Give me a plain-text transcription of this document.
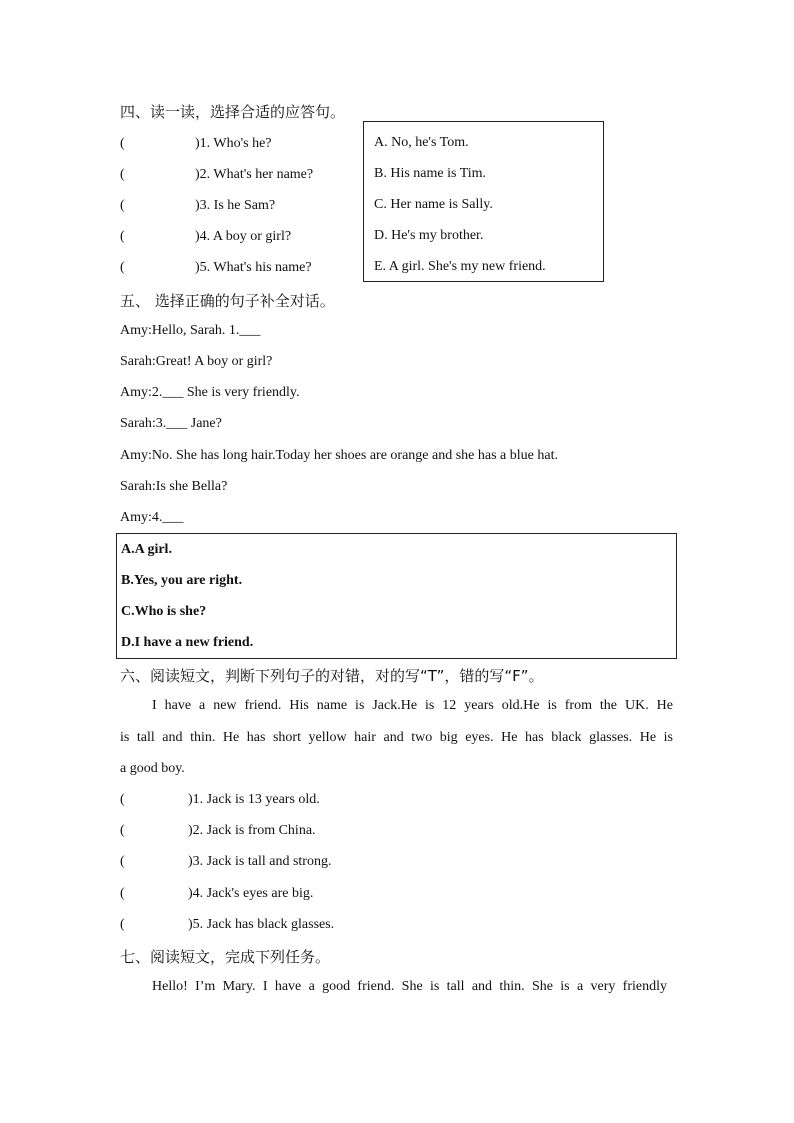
四、读一读，选择合适的应答句。
(	)1. Who's he?
(	)2. What's her name?
(	)3. Is he Sam?
(	)4. A boy or girl?
(	)5. What's his name?
A. No, he's Tom.
B. His name is Tim.
C. Her name is Sally.
D. He's my brother.
E. A girl. She's my new friend.
五、 选择正确的句子补全对话。
Amy:Hello, Sarah. 1.___
Sarah:Great! A boy or girl?
Amy:2.___ She is very friendly.
Sarah:3.___ Jane?
Amy:No. She has long hair.Today her shoes are orange and she has a blue hat.
Sarah:Is she Bella?
Amy:4.___
A.A girl.
B.Yes, you are right.
C.Who is she?
D.I have a new friend.
六、阅读短文，判断下列句子的对错，对的写“T”，错的写“F”。
I have a new friend. His name is Jack.He is 12 years old.He is from the UK. He
is tall and thin. He has short yellow hair and two big eyes. He has black glasses. He is
a good boy.
(	)1. Jack is 13 years old.
(	)2. Jack is from China.
(	)3. Jack is tall and strong.
(	)4. Jack's eyes are big.
(	)5. Jack has black glasses.
七、阅读短文，完成下列任务。
Hello! I’m Mary. I have a good friend. She is tall and thin. She is a very friendly
